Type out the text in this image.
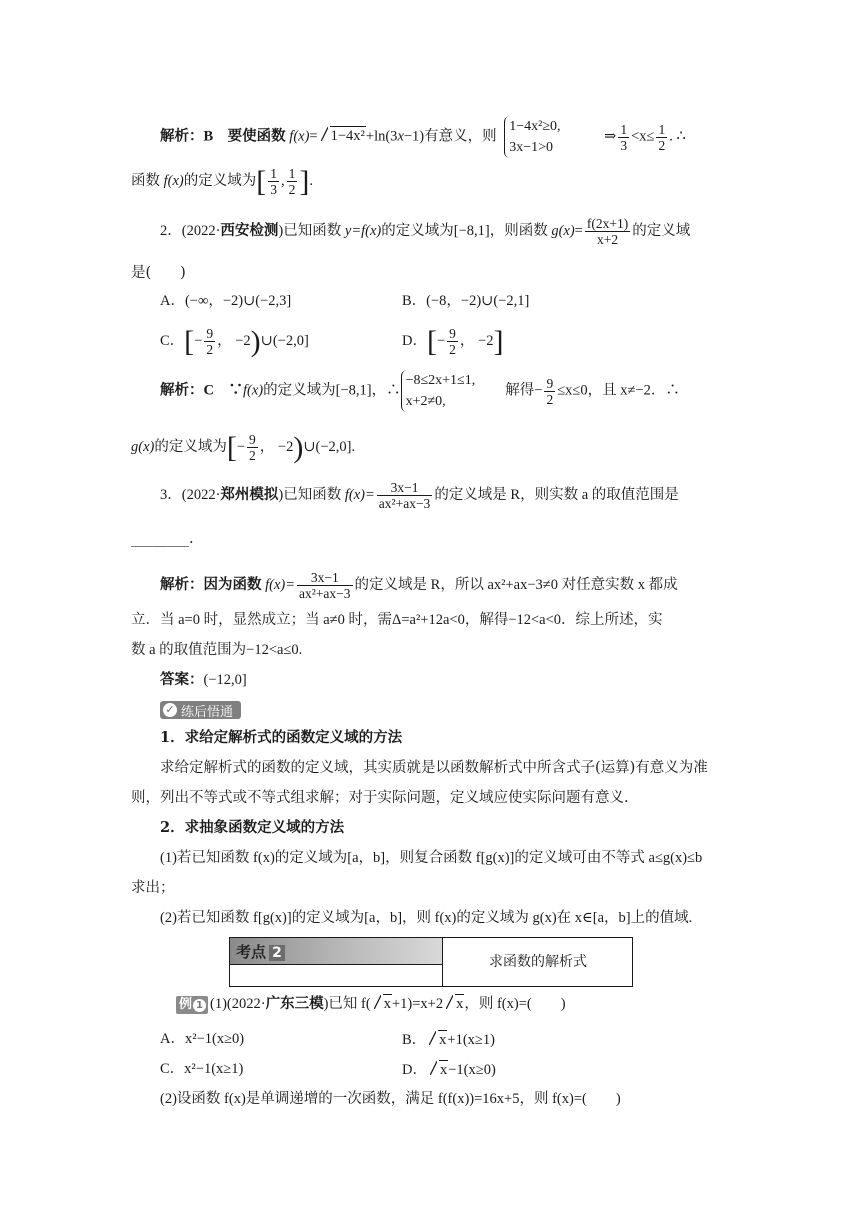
解析：B　要使函数 f(x)= 1−4x²+ln(3x−1)有意义，则
1−4x²≥0,
3x−1>0
⇒ $\frac{1}{3} <x\le \frac{1}{2}$ . ∴
函数 f(x)的定义域为[ $\frac{1}{3}$ , $\frac{1}{2}$ ].
2．(2022·西安检测)已知函数 y=f(x)的定义域为[−8,1]，则函数 $g(x)= \frac{f(2x+1)}{x+2}$ 的定义域
是(　　)
A．(−∞，−2)∪(−2,3]	B．(−8，−2)∪(−2,1]
C．[− $\frac{9}{2}$ ， −2)∪(−2,0]	D．[− $\frac{9}{2}$ ， −2]
解析：C　∵f(x)的定义域为[−8,1]，∴
−8≤2x+1≤1,
x+2≠0,
解得− $\frac{9}{2} \le x\le 0$，且 x≠−2．∴
g(x)的定义域为[− $\frac{9}{2}$ ， −2)∪(−2,0].
3．(2022·郑州模拟)已知函数 $f(x)= \frac{3x-1}{\text{ax²+ax−3}}$ 的定义域是 R，则实数 a 的取值范围是
________.
解析：因为函数 $f(x)= \frac{3x-1}{\text{ax²+ax−3}}$ 的定义域是 R，所以 ax²+ax−3≠0 对任意实数 x 都成
立．当 a=0 时，显然成立；当 a≠0 时，需Δ=a²+12a<0，解得−12<a<0．综上所述，实
数 a 的取值范围为−12<a≤0.
答案：(−12,0]
✓ 练后悟通
1．求给定解析式的函数定义域的方法
求给定解析式的函数的定义域，其实质就是以函数解析式中所含式子(运算)有意义为准
则，列出不等式或不等式组求解；对于实际问题，定义域应使实际问题有意义.
2．求抽象函数定义域的方法
(1)若已知函数 f(x)的定义域为[a，b]，则复合函数 f[g(x)]的定义域可由不等式 a≤g(x)≤b
求出；
(2)若已知函数 f[g(x)]的定义域为[a，b]，则 f(x)的定义域为 g(x)在 x∈[a，b]上的值域.
考点 2
求函数的解析式
例 1 (1)(2022·广东三模)已知 f( x+1)=x+2 x，则 f(x)=(　　)
A．x²−1(x≥0)	B． x+1(x≥1)
C．x²−1(x≥1)	D． x−1(x≥0)
(2)设函数 f(x)是单调递增的一次函数，满足 f(f(x))=16x+5，则 f(x)=(　　)
